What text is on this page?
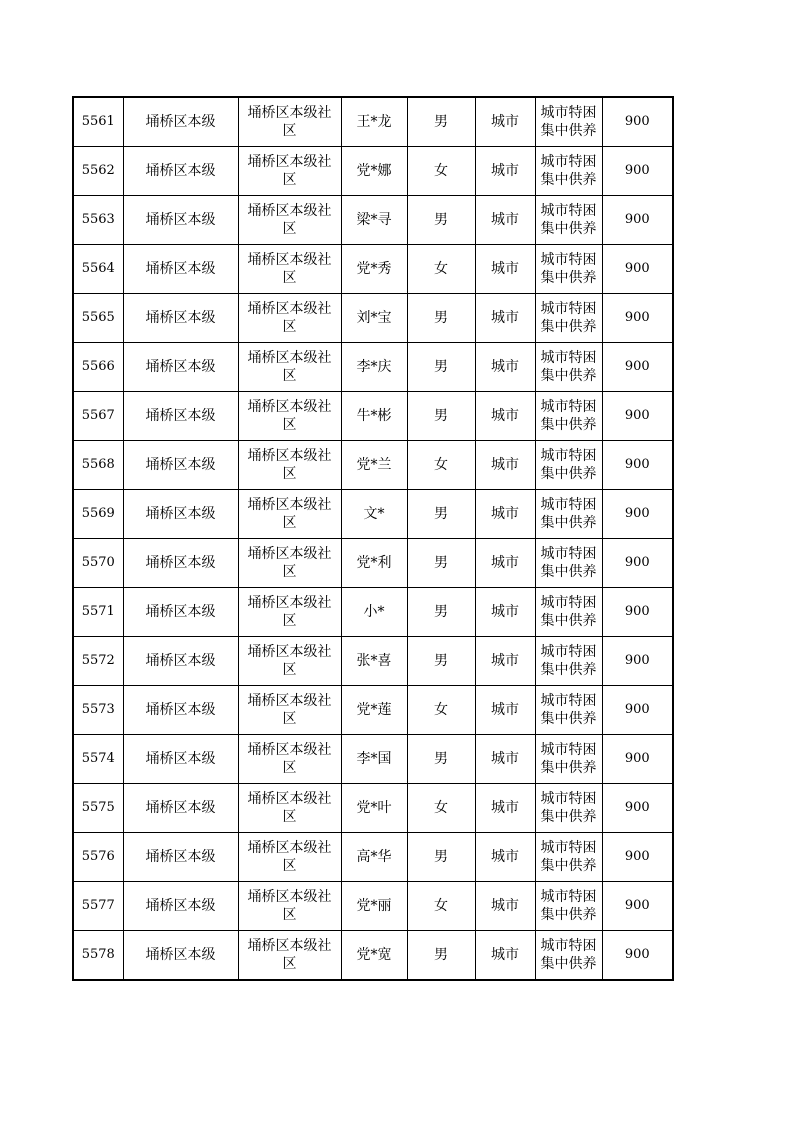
5561	埇桥区本级	埇桥区本级社区	王*龙	男	城市	城市特困集中供养	900
5562	埇桥区本级	埇桥区本级社区	党*娜	女	城市	城市特困集中供养	900
5563	埇桥区本级	埇桥区本级社区	梁*寻	男	城市	城市特困集中供养	900
5564	埇桥区本级	埇桥区本级社区	党*秀	女	城市	城市特困集中供养	900
5565	埇桥区本级	埇桥区本级社区	刘*宝	男	城市	城市特困集中供养	900
5566	埇桥区本级	埇桥区本级社区	李*庆	男	城市	城市特困集中供养	900
5567	埇桥区本级	埇桥区本级社区	牛*彬	男	城市	城市特困集中供养	900
5568	埇桥区本级	埇桥区本级社区	党*兰	女	城市	城市特困集中供养	900
5569	埇桥区本级	埇桥区本级社区	文*	男	城市	城市特困集中供养	900
5570	埇桥区本级	埇桥区本级社区	党*利	男	城市	城市特困集中供养	900
5571	埇桥区本级	埇桥区本级社区	小*	男	城市	城市特困集中供养	900
5572	埇桥区本级	埇桥区本级社区	张*喜	男	城市	城市特困集中供养	900
5573	埇桥区本级	埇桥区本级社区	党*莲	女	城市	城市特困集中供养	900
5574	埇桥区本级	埇桥区本级社区	李*国	男	城市	城市特困集中供养	900
5575	埇桥区本级	埇桥区本级社区	党*叶	女	城市	城市特困集中供养	900
5576	埇桥区本级	埇桥区本级社区	高*华	男	城市	城市特困集中供养	900
5577	埇桥区本级	埇桥区本级社区	党*丽	女	城市	城市特困集中供养	900
5578	埇桥区本级	埇桥区本级社区	党*宽	男	城市	城市特困集中供养	900
